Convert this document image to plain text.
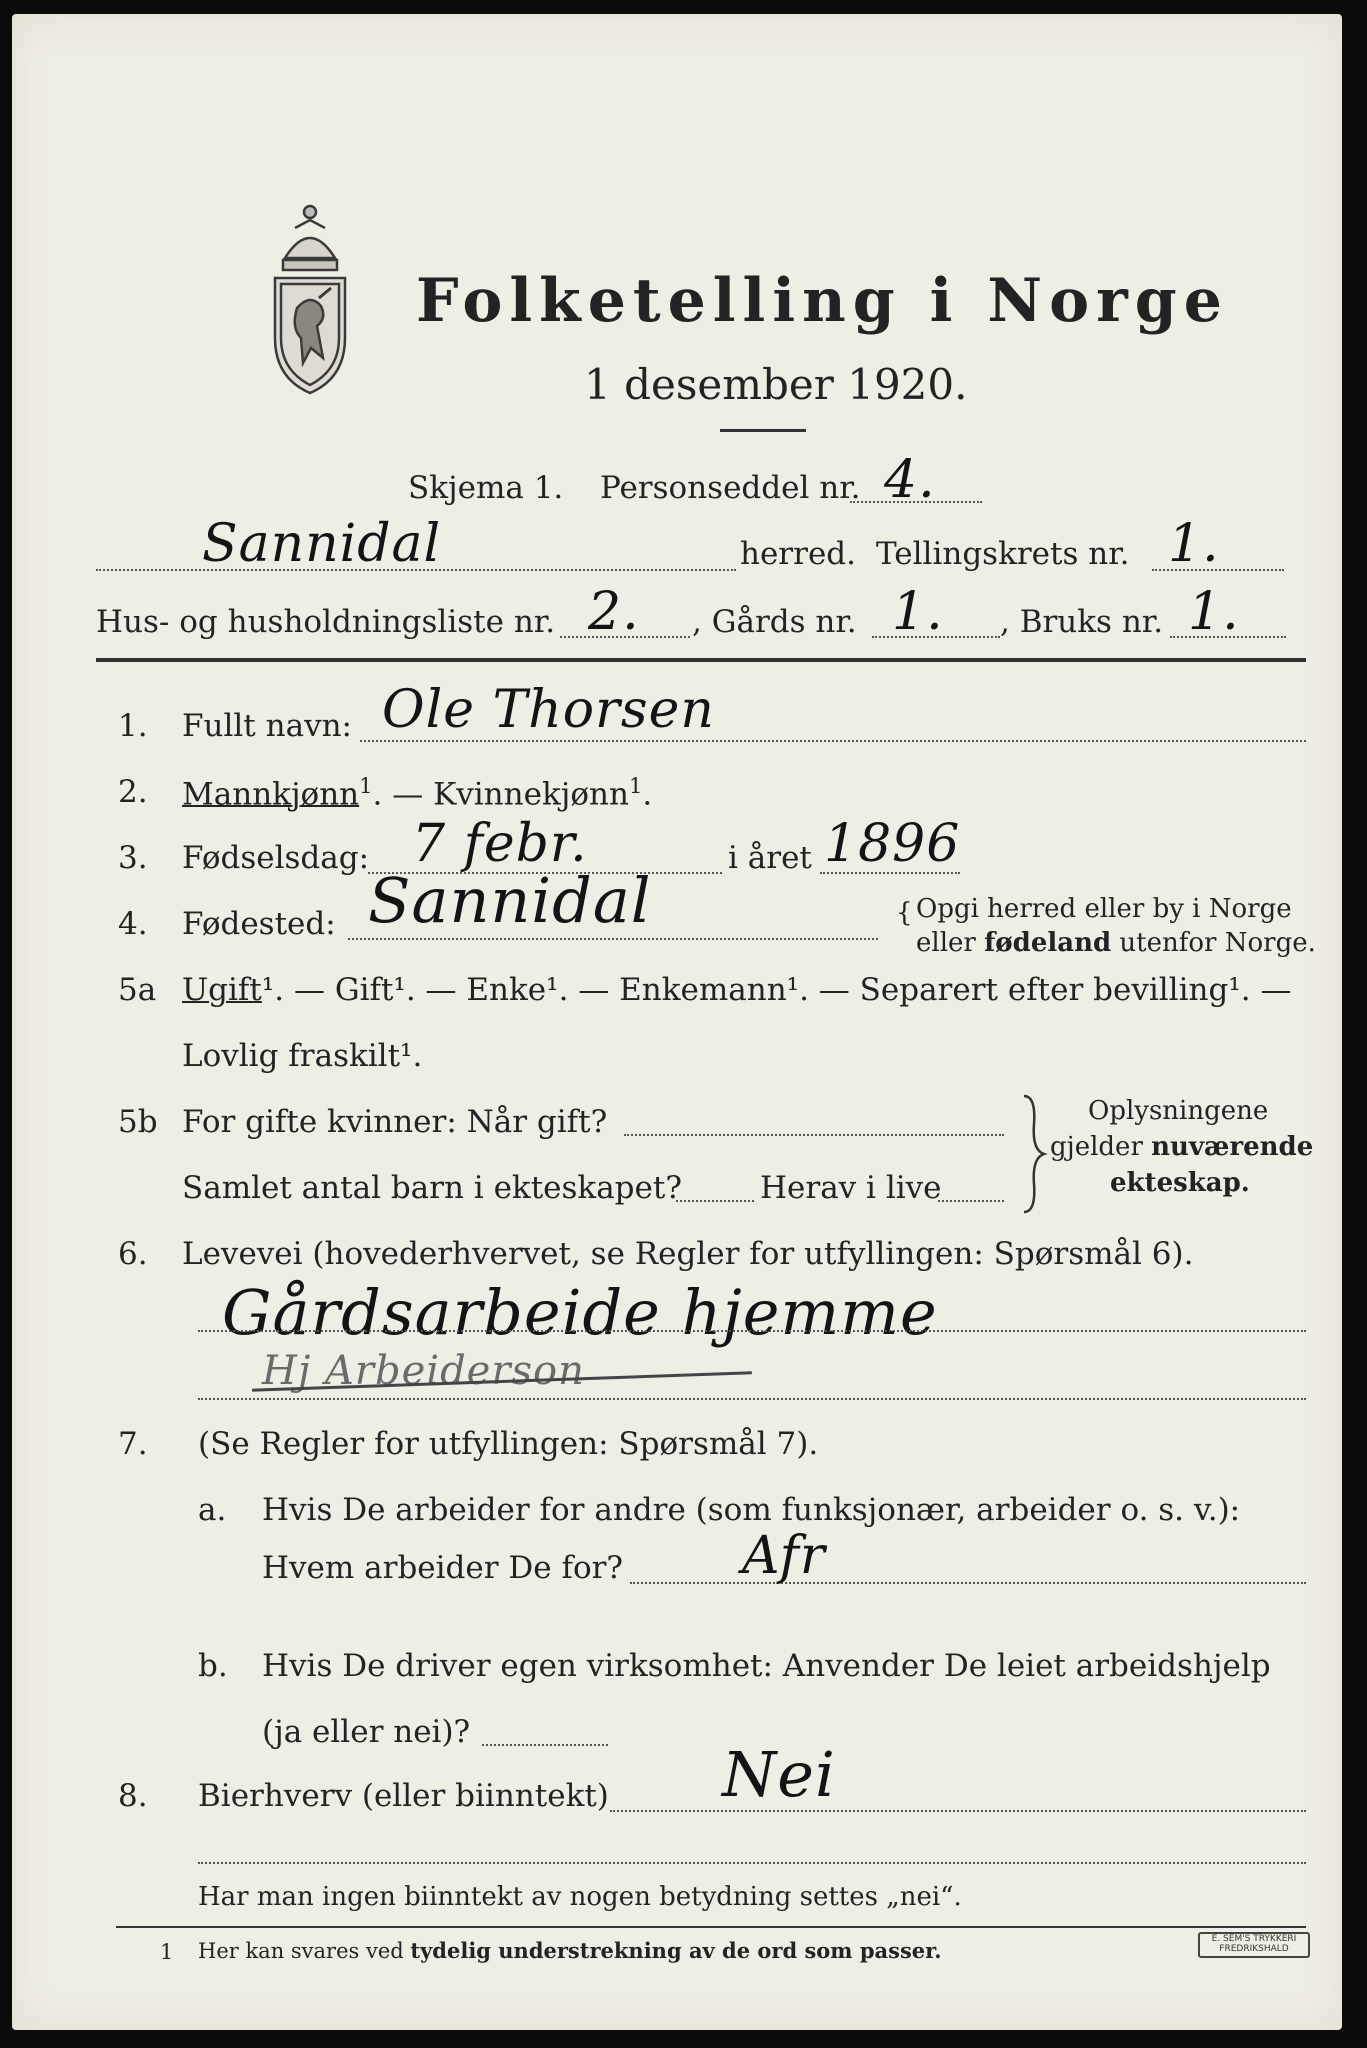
Folketelling i Norge
1 desember 1920.
Skjema 1. Personseddel nr. 4.
Sannidal	herred. Tellingskrets nr. 1.
Hus- og husholdningsliste nr. 2. , Gårds nr. 1. , Bruks nr. 1.
1. Fullt navn: Ole Thorsen
2. Mannkjønn$^1$. — Kvinnekjønn$^1$.
3. Fødselsdag: 7 febr.	i året 1896
4. Fødested: Sannidal	{ Opgi herred eller by i Norge
eller fødeland utenfor Norge.
5a Ugift¹. — Gift¹. — Enke¹. — Enkemann¹. — Separert efter bevilling¹. —
Lovlig fraskilt¹.
5b For gifte kvinner: Når gift?
Samlet antal barn i ekteskapet?	Herav i live
Oplysningene
gjelder nuværende
ekteskap.
6. Levevei (hovederhvervet, se Regler for utfyllingen: Spørsmål 6).
Gårdsarbeide hjemme
Hj Arbeiderson
7. (Se Regler for utfyllingen: Spørsmål 7).
a. Hvis De arbeider for andre (som funksjonær, arbeider o. s. v.):
Hvem arbeider De for? Afr
b. Hvis De driver egen virksomhet: Anvender De leiet arbeidshjelp
(ja eller nei)?
8. Bierhverv (eller biinntekt) Nei
Har man ingen biinntekt av nogen betydning settes „nei“.
1 Her kan svares ved tydelig understrekning av de ord som passer.	E. SEM'S TRYKKERI FREDRIKSHALD
